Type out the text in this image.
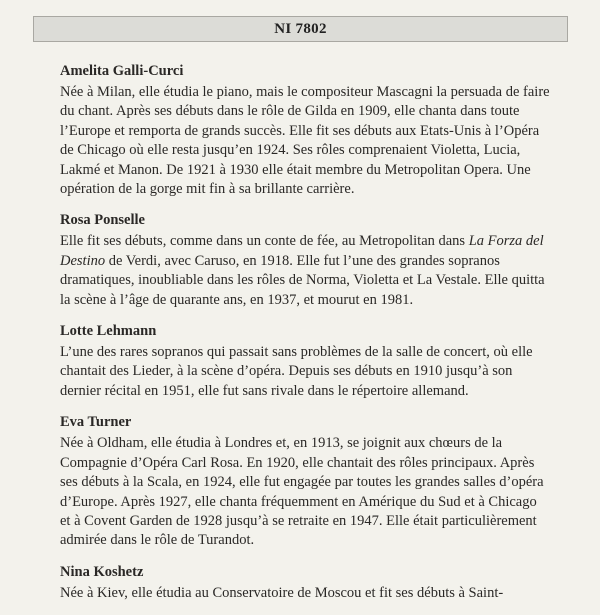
NI 7802
Amelita Galli-Curci

Née à Milan, elle étudia le piano, mais le compositeur Mascagni la persuada de faire du chant. Après ses débuts dans le rôle de Gilda en 1909, elle chanta dans toute l’Europe et remporta de grands succès. Elle fit ses débuts aux Etats-Unis à l’Opéra de Chicago où elle resta jusqu’en 1924. Ses rôles comprenaient Violetta, Lucia, Lakmé et Manon. De 1921 à 1930 elle était membre du Metropolitan Opera. Une opération de la gorge mit fin à sa brillante carrière.

Rosa Ponselle

Elle fit ses débuts, comme dans un conte de fée, au Metropolitan dans La Forza del Destino de Verdi, avec Caruso, en 1918. Elle fut l’une des grandes sopranos dramatiques, inoubliable dans les rôles de Norma, Violetta et La Vestale. Elle quitta la scène à l’âge de quarante ans, en 1937, et mourut en 1981.

Lotte Lehmann

L’une des rares sopranos qui passait sans problèmes de la salle de concert, où elle chantait des Lieder, à la scène d’opéra. Depuis ses débuts en 1910 jusqu’à son dernier récital en 1951, elle fut sans rivale dans le répertoire allemand.

Eva Turner

Née à Oldham, elle étudia à Londres et, en 1913, se joignit aux chœurs de la Compagnie d’Opéra Carl Rosa. En 1920, elle chantait des rôles principaux. Après ses débuts à la Scala, en 1924, elle fut engagée par toutes les grandes salles d’opéra d’Europe. Après 1927, elle chanta fréquemment en Amérique du Sud et à Chicago et à Covent Garden de 1928 jusqu’à se retraite en 1947. Elle était particulièrement admirée dans le rôle de Turandot.

Nina Koshetz

Née à Kiev, elle étudia au Conservatoire de Moscou et fit ses débuts à Saint-
